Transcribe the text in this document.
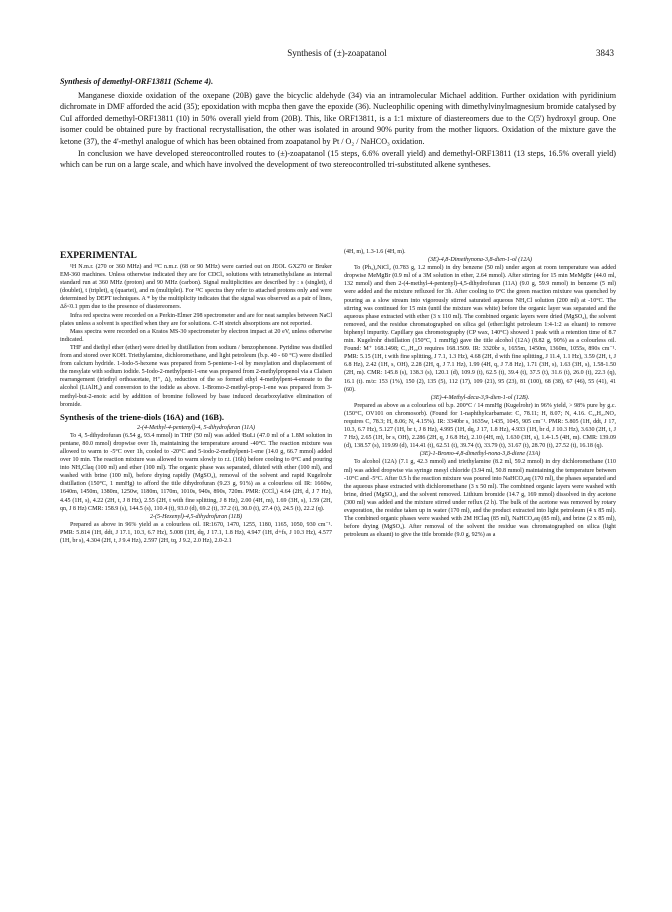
Synthesis of (±)-zoapatanol	3843

Synthesis of demethyl-ORF13811 (Scheme 4).

Manganese dioxide oxidation of the oxepane (20B) gave the bicyclic aldehyde (34) via an intramolecular Michael addition. Further oxidation with pyridinium dichromate in DMF afforded the acid (35); epoxidation with mcpba then gave the epoxide (36). Nucleophilic opening with dimethylvinylmagnesium bromide catalysed by CuI afforded demethyl-ORF13811 (10) in 50% overall yield from (20B). This, like ORF13811, is a 1:1 mixture of diastereomers due to the C(5') hydroxyl group. One isomer could be obtained pure by fractional recrystallisation, the other was isolated in around 90% purity from the mother liquors. Oxidation of the mixture gave the ketone (37), the 4'-methyl analogue of which has been obtained from zoapatanol by Pt / O₂ / NaHCO₃ oxidation.

In conclusion we have developed stereocontrolled routes to (±)-zoapatanol (15 steps, 6.6% overall yield) and demethyl-ORF13811 (13 steps, 16.5% overall yield) which can be run on a large scale, and which have involved the development of two stereocontrolled tri-substituted alkene syntheses.

EXPERIMENTAL

¹H N.m.r. (270 or 360 MHz) and ¹³C n.m.r. (68 or 90 MHz) were carried out on JEOL GX270 or Bruker EM-360 machines. Unless otherwise indicated they are for CDCl₃ solutions with tetramethylsilane as internal standard run at 360 MHz (proton) and 90 MHz (carbon). Signal multiplicities are described by : s (singlet), d (doublet), t (triplet), q (quartet), and m (multiplet). For ¹³C spectra they refer to attached protons only and were determined by DEPT techniques. A * by the multiplicity indicates that the signal was observed as a pair of lines, Δδ<0.1 ppm due to the presence of diastereomers.

Infra red spectra were recorded on a Perkin-Elmer 298 spectrometer and are for neat samples between NaCl plates unless a solvent is specified when they are for solutions. C-H stretch absorptions are not reported.

Mass spectra were recorded on a Kratos MS-30 spectrometer by electron impact at 20 eV, unless otherwise indicated.

THF and diethyl ether (ether) were dried by distillation from sodium / benzophenone. Pyridine was distilled from and stored over KOH. Triethylamine, dichloromethane, and light petroleum (b.p. 40 - 60 °C) were distilled from calcium hydride. 1-Iodo-5-hexene was prepared from 5-pentene-1-ol by mesylation and displacement of the mesylate with sodium iodide. 5-Iodo-2-methylpent-1-ene was prepared from 2-methylpropenol via a Claisen rearrangement (triethyl orthoacetate, H⁺, Δ), reduction of the so formed ethyl 4-methylpent-4-enoate to the alcohol (LiAlH₄) and conversion to the iodide as above. 1-Bromo-2-methyl-prop-1-ene was prepared from 3-methyl-but-2-enoic acid by addition of bromine followed by base induced decarboxylative elimination of bromide.

Synthesis of the triene-diols (16A) and (16B).

2-(4-Methyl-4-pentenyl)-4, 5-dihydrofuran (11A)

To 4, 5-dihydrofuran (6.54 g, 93.4 mmol) in THF (50 ml) was added ᵗBuLi (47.0 ml of a 1.8M solution in pentane, 80.0 mmol) dropwise over 1h, maintaining the temperature around -40°C. The reaction mixture was allowed to warm to -5°C over 1h, cooled to -20°C and 5-iodo-2-methylpent-1-ene (14.0 g, 66.7 mmol) added over 10 min. The reaction mixture was allowed to warm slowly to r.t. (16h) before cooling to 0°C and pouring into NH₄Claq (100 ml) and ether (100 ml). The organic phase was separated, diluted with ether (100 ml), and washed with brine (100 ml), before drying rapidly (MgSO₄), removal of the solvent and rapid Kugelrohr distillation (150°C, 1 mmHg) to afford the title dihydrofuran (9.23 g, 91%) as a colourless oil IR: 1660w, 1640m, 1450m, 1380m, 1250w, 1180m, 1170m, 1010s, 940s, 890s, 720m. PMR: (CCl₄) 4.64 (2H, d, J 7 Hz), 4.45 (1H, s), 4.22 (2H, t, J 8 Hz), 2.55 (2H, t with fine splitting, J 8 Hz), 2.00 (4H, m), 1.69 (3H, s), 1.59 (2H, qn, J 8 Hz) CMR: 158.9 (s), 144.5 (s), 110.4 (t), 93.0 (d), 69.2 (t), 37.2 (t), 30.0 (t), 27.4 (t), 24.5 (t), 22.2 (q).

2-(5-Hexenyl)-4,5-dihydrofuran (11B)

Prepared as above in 96% yield as a colourless oil. IR:1670, 1470, 1255, 1180, 1165, 1050, 930 cm⁻¹. PMR: 5.814 (1H, ddt, J 17.1, 10.3, 6.7 Hz), 5.008 (1H, dq, J 17.1, 1.8 Hz), 4.947 (1H, d+fs, J 10.3 Hz), 4.577 (1H, br s), 4.304 (2H, t, J 9.4 Hz), 2.597 (2H, tq, J 9.2, 2.0 Hz), 2.0-2.1

(4H, m), 1.3-1.6 (4H, m).

(3E)-4,8-Dimethynona-3,8-dien-1-ol (12A)

To (Ph₃)₂NiCl₂ (0.783 g, 1.2 mmol) in dry benzene (50 ml) under argon at room temperature was added dropwise MeMgBr (0.9 ml of a 3M solution in ether, 2.64 mmol). After stirring for 15 min MeMgBr (44.0 ml, 132 mmol) and then 2-(4-methyl-4-pentenyl)-4,5-dihydrofuran (11A) (9.0 g, 59.9 mmol) in benzene (5 ml) were added and the mixture refluxed for 3h. After cooling to 0°C the green reaction mixture was quenched by pouring as a slow stream into vigorously stirred saturated aqueous NH₄Cl solution (200 ml) at -10°C. The stirring was continued for 15 min (until the mixture was white) before the organic layer was separated and the aqueous phase extracted with ether (3 x 110 ml). The combined organic layers were dried (MgSO₄), the solvent removed, and the residue chromatographed on silica gel (ether:light petroleum 1:4-1:2 as eluant) to remove biphenyl impurity. Capillary gas chromotography (CP wax, 140°C) showed 1 peak with a retention time of 8.7 min. Kugelrohr distillation (150°C, 1 mmHg) gave the title alcohol (12A) (8.82 g, 90%) as a colourless oil. Found: M⁺ 168.1498; C₁₁H₂₀O requires 168.1509. IR: 3320br s, 1655m, 1450m, 1360m, 1055s, 890s cm⁻¹. PMR: 5.15 (1H, t with fine splitting, J 7.1, 1.3 Hz), 4.68 (2H, d with fine splitting, J 11.4, 1.1 Hz), 3.59 (2H, t, J 6.8 Hz), 2.42 (1H, s, OH), 2.28 (2H, q, J 7.1 Hz), 1.99 (4H, q, J 7.8 Hz), 1.71 (3H, s), 1.63 (3H, s), 1.58-1.50 (2H, m). CMR: 145.8 (s), 138.3 (s), 120.1 (d), 109.9 (t), 62.5 (t), 39.4 (t), 37.5 (t), 31.6 (t), 26.0 (t), 22.3 (q), 16.1 (t). m/z: 153 (1%), 150 (2), 135 (5), 112 (17), 109 (21), 95 (23), 81 (100), 68 (38), 67 (46), 55 (41), 41 (60).

(3E)-4-Methyl-deca-3,9-dien-1-ol (12B).

Prepared as above as a colourless oil b.p. 200°C / 14 mmHg (Kugelrohr) in 96% yield, > 98% pure by g.c. (150°C, OV101 on chromosorb). (Found for 1-naphthylcarbamate: C, 78.11; H, 8.07; N, 4.16. C₂₂H₂₇NO₂ requires C, 78.3; H, 8.06; N, 4.15%). IR: 3340br s, 1635w, 1435, 1045, 905 cm⁻¹. PMR: 5.805 (1H, ddt, J 17, 10.3, 6.7 Hz), 5.127 (1H, br t, J 8 Hz), 4.995 (1H, dq, J 17, 1.8 Hz), 4.933 (1H, br d, J 10.3 Hz), 3.630 (2H, t, J 7 Hz), 2.65 (1H, br s, OH), 2.286 (2H, q, J 6.8 Hz), 2.10 (4H, m), 1.630 (3H, s), 1.4-1.5 (4H, m). CMR: 139.09 (d), 138.57 (s), 119.99 (d), 114.41 (t), 62.51 (t), 39.74 (t), 33.79 (t), 31.67 (t), 28.70 (t), 27.52 (t), 16.18 (q).

(3E)-1-Bromo-4,8-dimethyl-nona-3,8-diene (13A)

To alcohol (12A) (7.1 g, 42.3 mmol) and triethylamine (8.2 ml, 59.2 mmol) in dry dichloromethane (110 ml) was added dropwise via syringe mesyl chloride (3.94 ml, 50.8 mmol) maintaining the temperature between -10°C and -5°C. After 0.5 h the reaction mixture was poured into NaHCO₃aq (170 ml), the phases separated and the aqueous phase extracted with dichloromethane (3 x 50 ml). The combined organic layers were washed with brine, dried (MgSO₄), and the solvent removed. Lithium bromide (14.7 g, 169 mmol) dissolved in dry acetone (300 ml) was added and the mixture stirred under reflux (2 h). The bulk of the acetone was removed by rotary evaporation, the residue taken up in water (170 ml), and the product extracted into light petroleum (4 x 85 ml). The combined organic phases were washed with 2M HClaq (85 ml), NaHCO₃aq (85 ml), and brine (2 x 85 ml), before drying (MgSO₄). After removal of the solvent the residue was chromatographed on silica (light petroleum as eluant) to give the title bromide (9.0 g, 92%) as a
